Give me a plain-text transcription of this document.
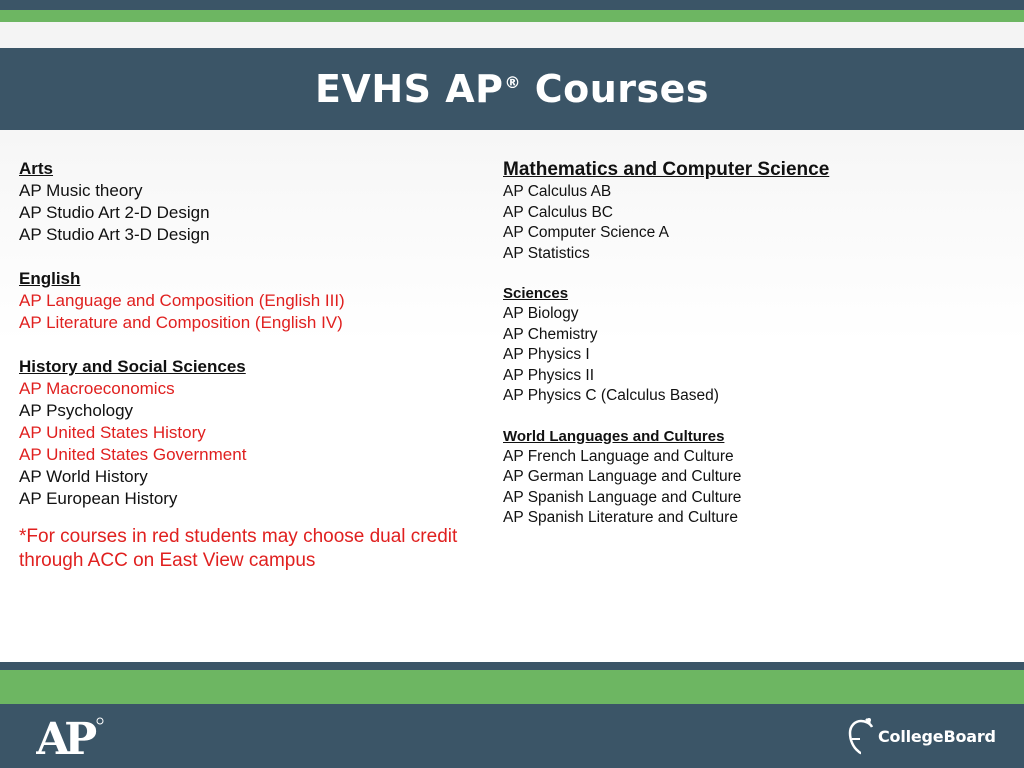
EVHS AP® Courses
Arts
AP Music theory
AP Studio Art 2-D Design
AP Studio Art 3-D Design
English
AP Language and Composition (English III)
AP Literature and Composition (English IV)
History and Social Sciences
AP Macroeconomics
AP Psychology
AP United States History
AP United States Government
AP World History
AP European History
*For courses in red students may choose dual credit through ACC on East View campus
Mathematics and Computer Science
AP Calculus AB
AP Calculus BC
AP Computer Science A
AP Statistics
Sciences
AP Biology
AP Chemistry
AP Physics I
AP Physics II
AP Physics C (Calculus Based)
World Languages and Cultures
AP French Language and Culture
AP German Language and Culture
AP Spanish Language and Culture
AP Spanish Literature and Culture
AP	CollegeBoard
